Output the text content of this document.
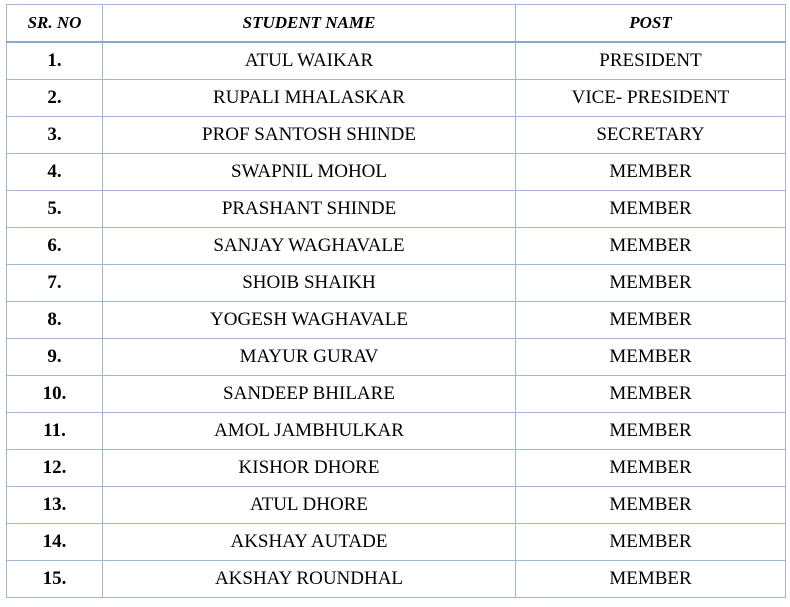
SR. NO	STUDENT NAME	POST
1.	ATUL WAIKAR	PRESIDENT
2.	RUPALI MHALASKAR	VICE- PRESIDENT
3.	PROF SANTOSH SHINDE	SECRETARY
4.	SWAPNIL MOHOL	MEMBER
5.	PRASHANT SHINDE	MEMBER
6.	SANJAY WAGHAVALE	MEMBER
7.	SHOIB SHAIKH	MEMBER
8.	YOGESH WAGHAVALE	MEMBER
9.	MAYUR GURAV	MEMBER
10.	SANDEEP BHILARE	MEMBER
11.	AMOL JAMBHULKAR	MEMBER
12.	KISHOR DHORE	MEMBER
13.	ATUL DHORE	MEMBER
14.	AKSHAY AUTADE	MEMBER
15.	AKSHAY ROUNDHAL	MEMBER
